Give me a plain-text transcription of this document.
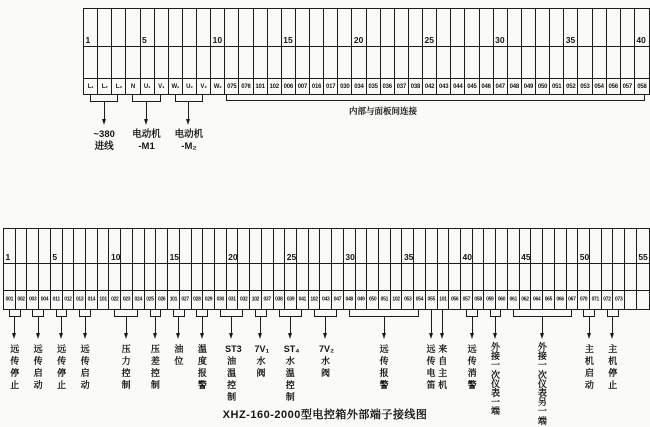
1	5	10	15	20	25	30	35	40
L₁	L₂	L₃	N	U₁	V₁	W₁	U₂	V₂	W₂ 075 076 101 102 006 007 016 017 030 034 035 036 037 038 042 043 044 045 046 047 048 049 050 051 052 053 054 056 057 058
~380
进线
电动机
-M1
电动机
-M₂
内部与面板间连接
1	5	10	15	20	25	30	35	40	45	50	55
001 002 003 004 011 012 013 014 101 022 023 024 025 026 101 027 028 029 030 031 032 102 037 038 039 041 102 043 047 048 049 050 051 102 053 054 055 101 056 057 058 059 060 061 062 064 065 066 067 070 071 072 073
远
传
停
止
远
传
启
动
远
传
停
止
远
传
启
动
压
力
控
制
压
差
控
制
油
位
温
度
报
警
ST3
油
温
控
制
7V₁
水
阀
ST₄
水
温
控
制
7V₂
水
阀
远
传
报
警
远
传
电
笛
来
自
主
机
远
传
消
警
外
接
一
次
仪
表
一
端
外
接
一
次
仪
表
另
一
端
主
机
启
动
主
机
停
止
XHZ-160-2000型电控箱外部端子接线图
